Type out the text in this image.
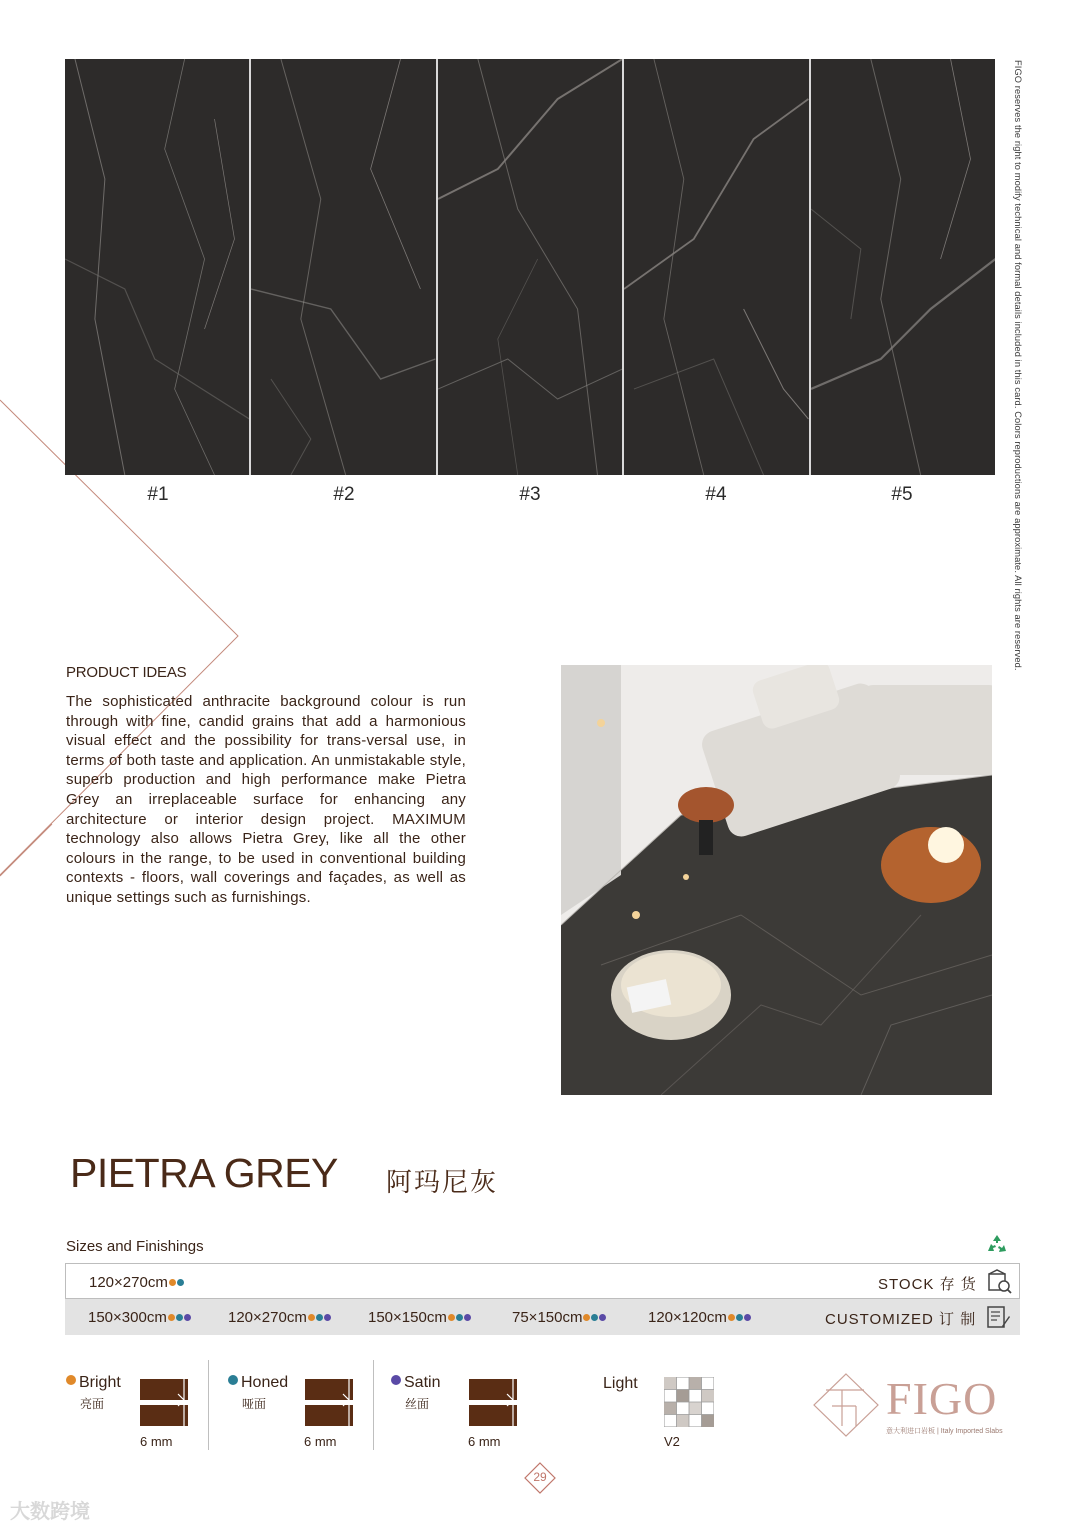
#1	#2	#3	#4	#5	FIGO reserves the right to modify technical and formal details included in this card. Colors reproductions are approximate. All rights are reserved.
PRODUCT IDEAS
The sophisticated anthracite background colour is run through with fine, candid grains that add a harmonious visual effect and the possibility for trans-versal use, in terms of both taste and application. An unmistakable style, superb production and high performance make Pietra Grey an irreplaceable surface for enhancing any architecture or interior design project. MAXIMUM technology also allows Pietra Grey, like all the other colours in the range, to be used in conventional building contexts - floors, wall coverings and façades, as well as unique settings such as furnishings.
PIETRA GREY 阿玛尼灰
Sizes and Finishings
120×270cm	STOCK 存 货
150×300cm	120×270cm	150×150cm	75×150cm	120×120cm	CUSTOMIZED 订 制
Bright
亮面
6 mm
Honed
哑面
6 mm
Satin
丝面
6 mm
Light
V2
FIGO
意大利进口岩板 | Italy Imported Slabs
29
大数跨境
